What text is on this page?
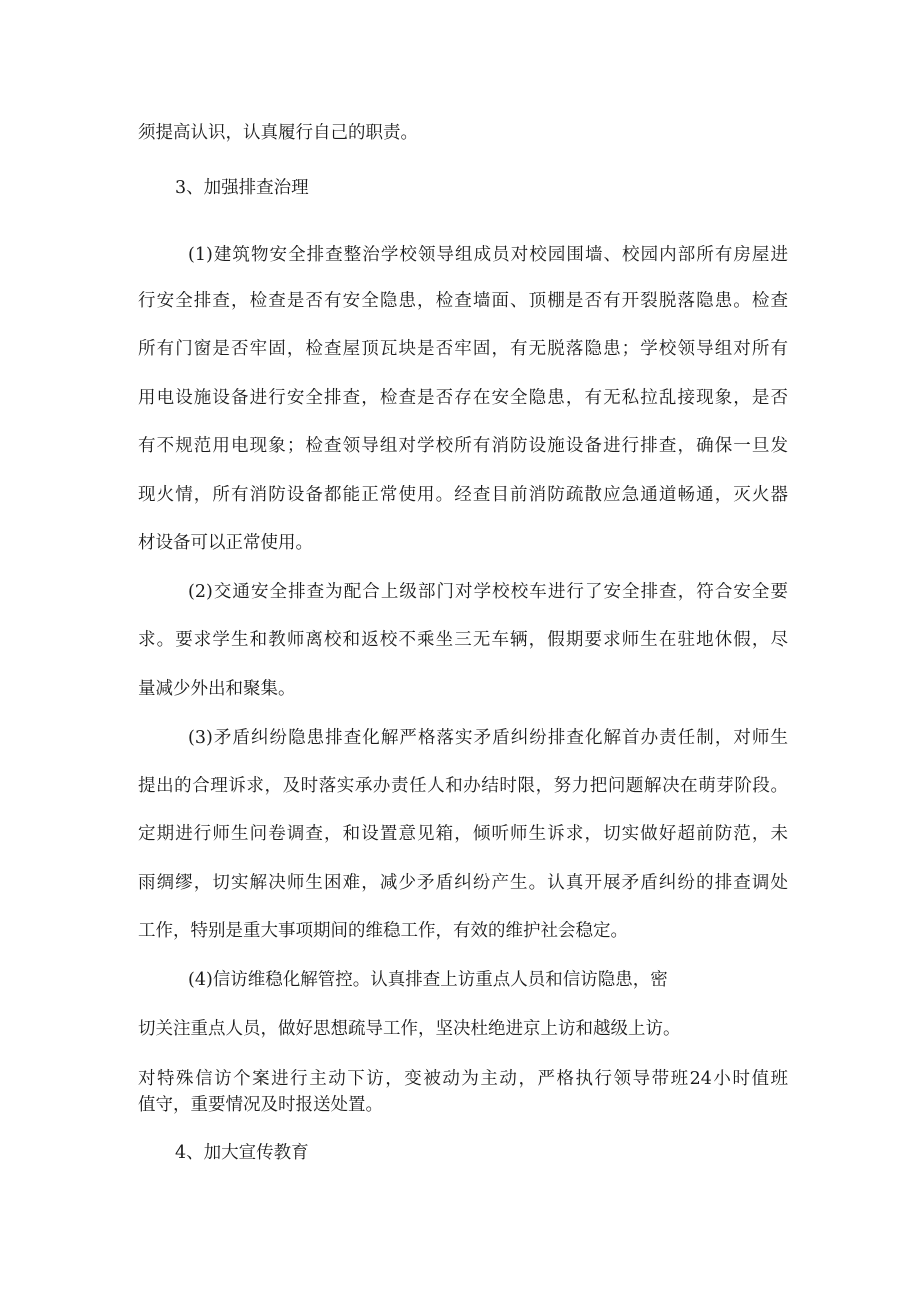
须提高认识，认真履行自己的职责。
3、加强排查治理
(1)建筑物安全排查整治学校领导组成员对校园围墙、校园内部所有房屋进
行安全排查，检查是否有安全隐患，检查墙面、顶棚是否有开裂脱落隐患。检查
所有门窗是否牢固，检查屋顶瓦块是否牢固，有无脱落隐患；学校领导组对所有
用电设施设备进行安全排查，检查是否存在安全隐患，有无私拉乱接现象，是否
有不规范用电现象；检查领导组对学校所有消防设施设备进行排查，确保一旦发
现火情，所有消防设备都能正常使用。经查目前消防疏散应急通道畅通，灭火器
材设备可以正常使用。
(2)交通安全排查为配合上级部门对学校校车进行了安全排查，符合安全要
求。要求学生和教师离校和返校不乘坐三无车辆，假期要求师生在驻地休假，尽
量减少外出和聚集。
(3)矛盾纠纷隐患排查化解严格落实矛盾纠纷排查化解首办责任制，对师生
提出的合理诉求，及时落实承办责任人和办结时限，努力把问题解决在萌芽阶段。
定期进行师生问卷调查，和设置意见箱，倾听师生诉求，切实做好超前防范，未
雨绸缪，切实解决师生困难，减少矛盾纠纷产生。认真开展矛盾纠纷的排查调处
工作，特别是重大事项期间的维稳工作，有效的维护社会稳定。
(4)信访维稳化解管控。认真排查上访重点人员和信访隐患，密
切关注重点人员，做好思想疏导工作，坚决杜绝进京上访和越级上访。
对特殊信访个案进行主动下访，变被动为主动，严格执行领导带班24小时值班
值守，重要情况及时报送处置。
4、加大宣传教育
